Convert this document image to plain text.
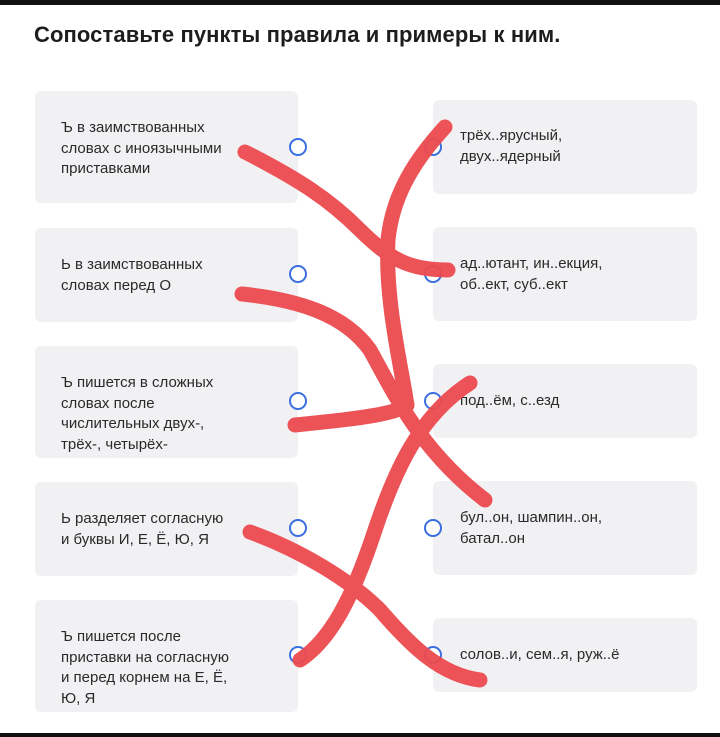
Сопоставьте пункты правила и примеры к ним.
Ъ в заимствованных
словах с иноязычными
приставками
Ь в заимствованных
словах перед О
Ъ пишется в сложных
словах после
числительных двух-,
трёх-, четырёх-
Ь разделяет согласную
и буквы И, Е, Ё, Ю, Я
Ъ пишется после
приставки на согласную
и перед корнем на Е, Ё,
Ю, Я
трёх..ярусный,
двух..ядерный
ад..ютант, ин..екция,
об..ект, суб..ект
под..ём, с..езд
бул..он, шампин..он,
батал..он
солов..и, сем..я, руж..ё
